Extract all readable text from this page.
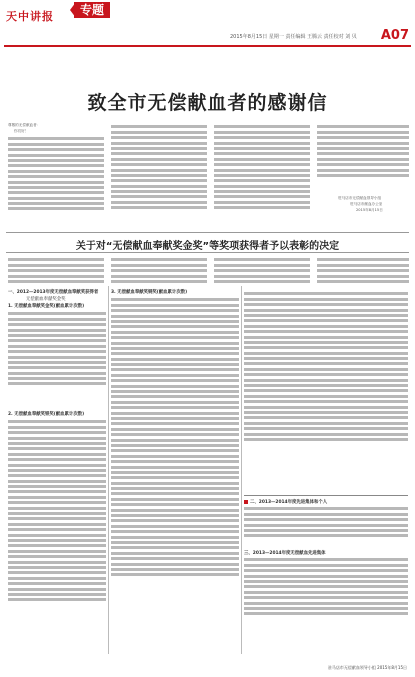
天中讲报	专题
2015年8月15日 星期一 责任编辑 王腾云 责任校对 刘 贝 A07
致全市无偿献血者的感谢信
尊敬的无偿献血者：
你们好！
驻马店市无偿献血领导小组
驻马店市献血办公室
2015年8月15日
关于对“无偿献血奉献奖金奖”等奖项获得者予以表彰的决定
一、2012—2013年度无偿献血奉献奖获得者
无偿献血奉献奖金奖
1. 无偿献血奉献奖金奖(献血累计次数)
2. 无偿献血奉献奖银奖(献血累计次数)
3. 无偿献血奉献奖铜奖(献血累计次数)
二、2013—2014年度先进集体和个人
三、2013—2014年度无偿献血先进集体
驻马店市无偿献血领导小组 2015年8月15日
